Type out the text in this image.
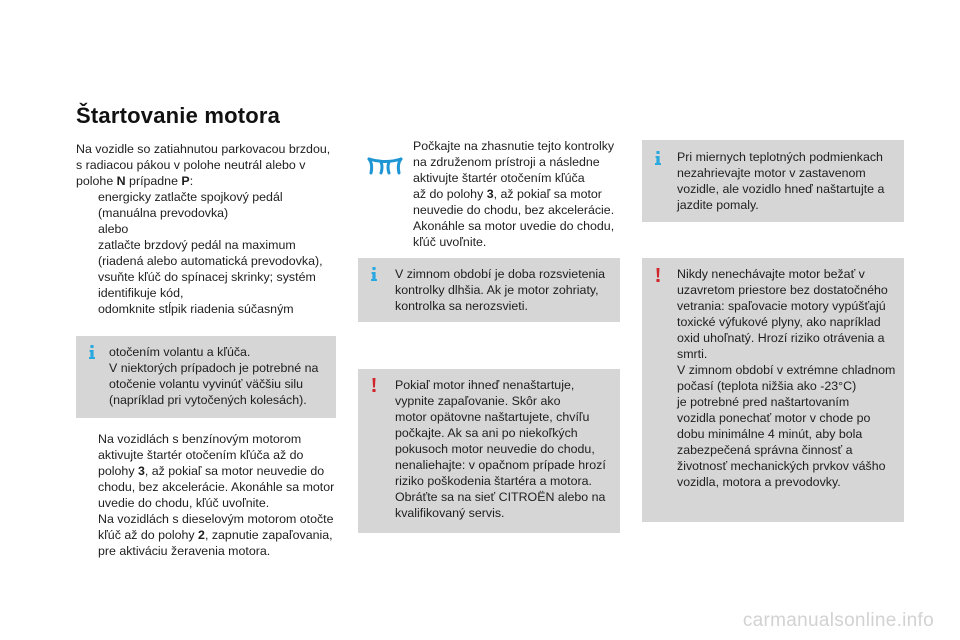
Štartovanie motora
Na vozidle so zatiahnutou parkovacou brzdou,
s radiacou pákou v polohe neutrál alebo v
polohe N prípadne P:
energicky zatlačte spojkový pedál
(manuálna prevodovka)
alebo
zatlačte brzdový pedál na maximum
(riadená alebo automatická prevodovka),
vsuňte kľúč do spínacej skrinky; systém
identifikuje kód,
odomknite stĺpik riadenia súčasným
otočením volantu a kľúča.
V niektorých prípadoch je potrebné na
otočenie volantu vyvinúť väčšiu silu
(napríklad pri vytočených kolesách).
Na vozidlách s benzínovým motorom
aktivujte štartér otočením kľúča až do
polohy 3, až pokiaľ sa motor neuvedie do
chodu, bez akcelerácie. Akonáhle sa motor
uvedie do chodu, kľúč uvoľnite.
Na vozidlách s dieselovým motorom otočte
kľúč až do polohy 2, zapnutie zapaľovania,
pre aktiváciu žeravenia motora.
Počkajte na zhasnutie tejto kontrolky
na združenom prístroji a následne
aktivujte štartér otočením kľúča
až do polohy 3, až pokiaľ sa motor
neuvedie do chodu, bez akcelerácie.
Akonáhle sa motor uvedie do chodu,
kľúč uvoľnite.
V zimnom období je doba rozsvietenia
kontrolky dlhšia. Ak je motor zohriaty,
kontrolka sa nerozsvieti.
Pokiaľ motor ihneď nenaštartuje,
vypnite zapaľovanie. Skôr ako
motor opätovne naštartujete, chvíľu
počkajte. Ak sa ani po niekoľkých
pokusoch motor neuvedie do chodu,
nenaliehajte: v opačnom prípade hrozí
riziko poškodenia štartéra a motora.
Obráťte sa na sieť CITROËN alebo na
kvalifikovaný servis.
Pri miernych teplotných podmienkach
nezahrievajte motor v zastavenom
vozidle, ale vozidlo hneď naštartujte a
jazdite pomaly.
Nikdy nenechávajte motor bežať v
uzavretom priestore bez dostatočného
vetrania: spaľovacie motory vypúšťajú
toxické výfukové plyny, ako napríklad
oxid uhoľnatý. Hrozí riziko otrávenia a
smrti.
V zimnom období v extrémne chladnom
počasí (teplota nižšia ako -23°C)
je potrebné pred naštartovaním
vozidla ponechať motor v chode po
dobu minimálne 4 minút, aby bola
zabezpečená správna činnosť a
životnosť mechanických prvkov vášho
vozidla, motora a prevodovky.
carmanualsonline.info
